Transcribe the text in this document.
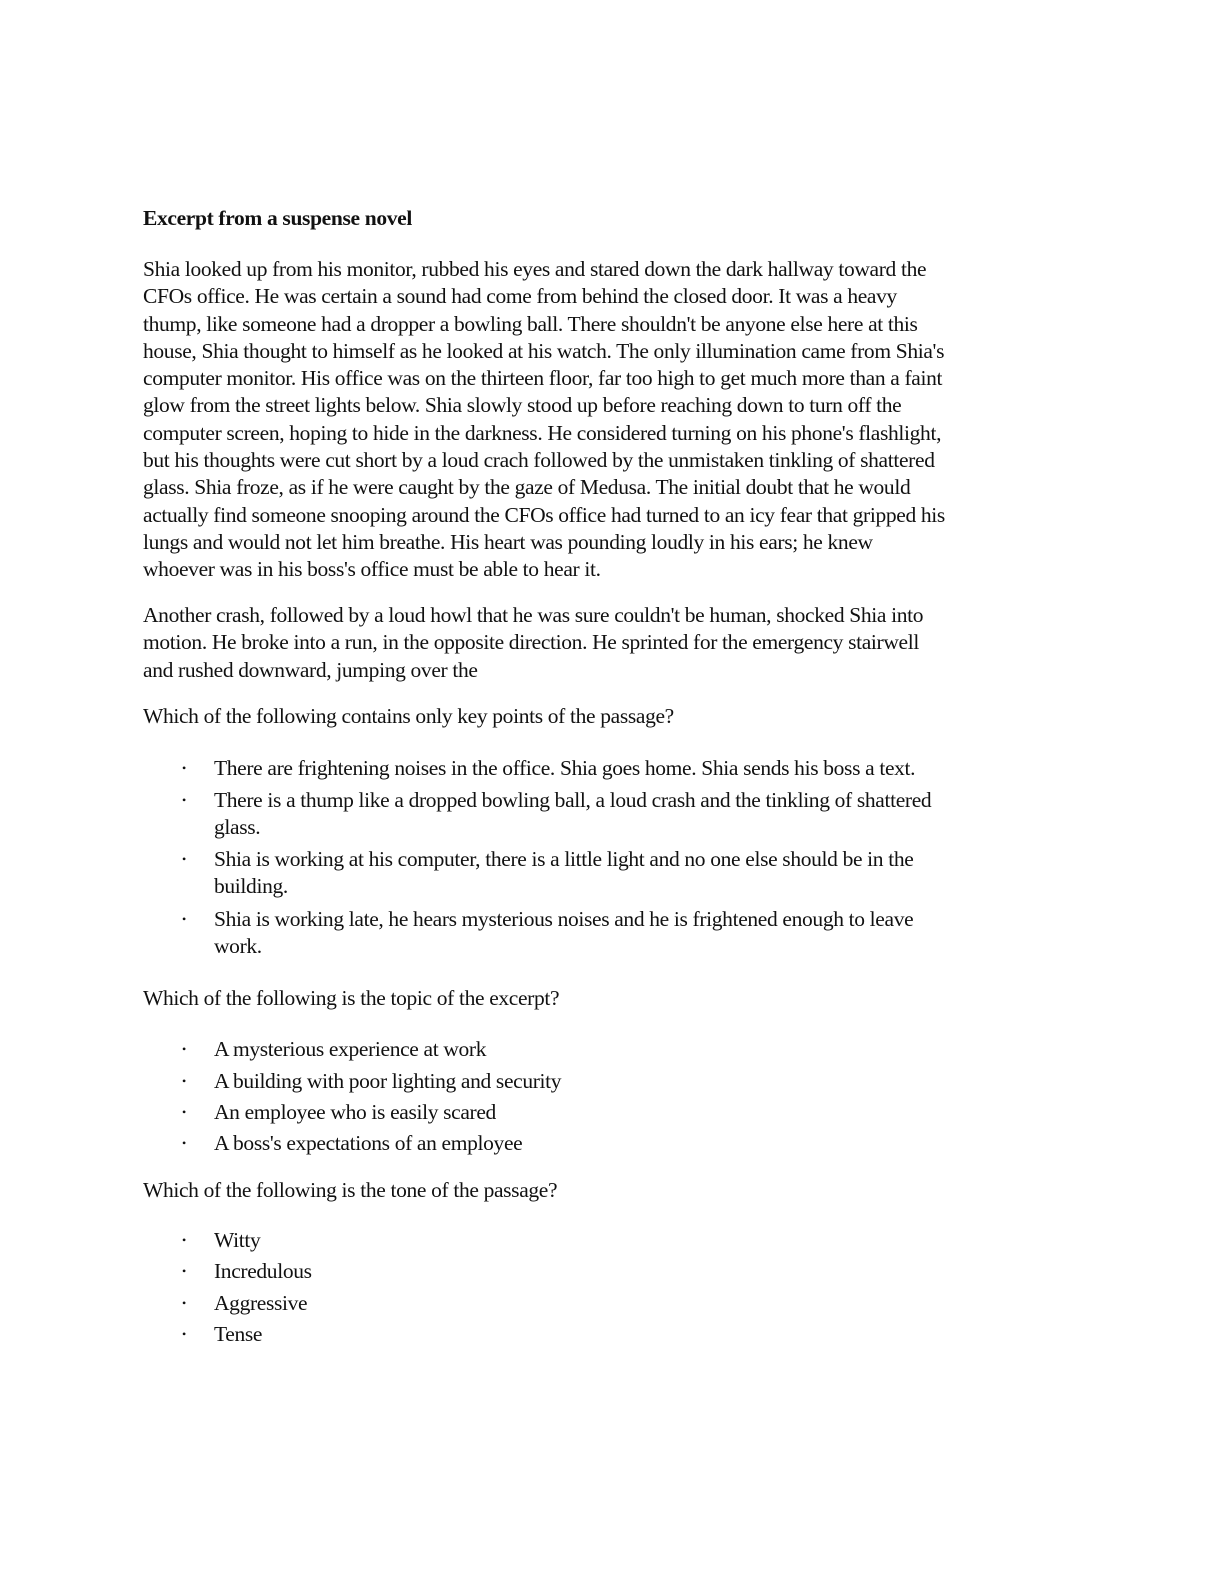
Excerpt from a suspense novel
Shia looked up from his monitor, rubbed his eyes and stared down the dark hallway toward the
CFOs office. He was certain a sound had come from behind the closed door. It was a heavy
thump, like someone had a dropper a bowling ball. There shouldn't be anyone else here at this
house, Shia thought to himself as he looked at his watch. The only illumination came from Shia's
computer monitor. His office was on the thirteen floor, far too high to get much more than a faint
glow from the street lights below. Shia slowly stood up before reaching down to turn off the
computer screen, hoping to hide in the darkness. He considered turning on his phone's flashlight,
but his thoughts were cut short by a loud crach followed by the unmistaken tinkling of shattered
glass. Shia froze, as if he were caught by the gaze of Medusa. The initial doubt that he would
actually find someone snooping around the CFOs office had turned to an icy fear that gripped his
lungs and would not let him breathe. His heart was pounding loudly in his ears; he knew
whoever was in his boss's office must be able to hear it.
Another crash, followed by a loud howl that he was sure couldn't be human, shocked Shia into
motion. He broke into a run, in the opposite direction. He sprinted for the emergency stairwell
and rushed downward, jumping over the
Which of the following contains only key points of the passage?
• There are frightening noises in the office. Shia goes home. Shia sends his boss a text.
• There is a thump like a dropped bowling ball, a loud crash and the tinkling of shattered
glass.
• Shia is working at his computer, there is a little light and no one else should be in the
building.
• Shia is working late, he hears mysterious noises and he is frightened enough to leave
work.
Which of the following is the topic of the excerpt?
• A mysterious experience at work
• A building with poor lighting and security
• An employee who is easily scared
• A boss's expectations of an employee
Which of the following is the tone of the passage?
• Witty
• Incredulous
• Aggressive
• Tense
